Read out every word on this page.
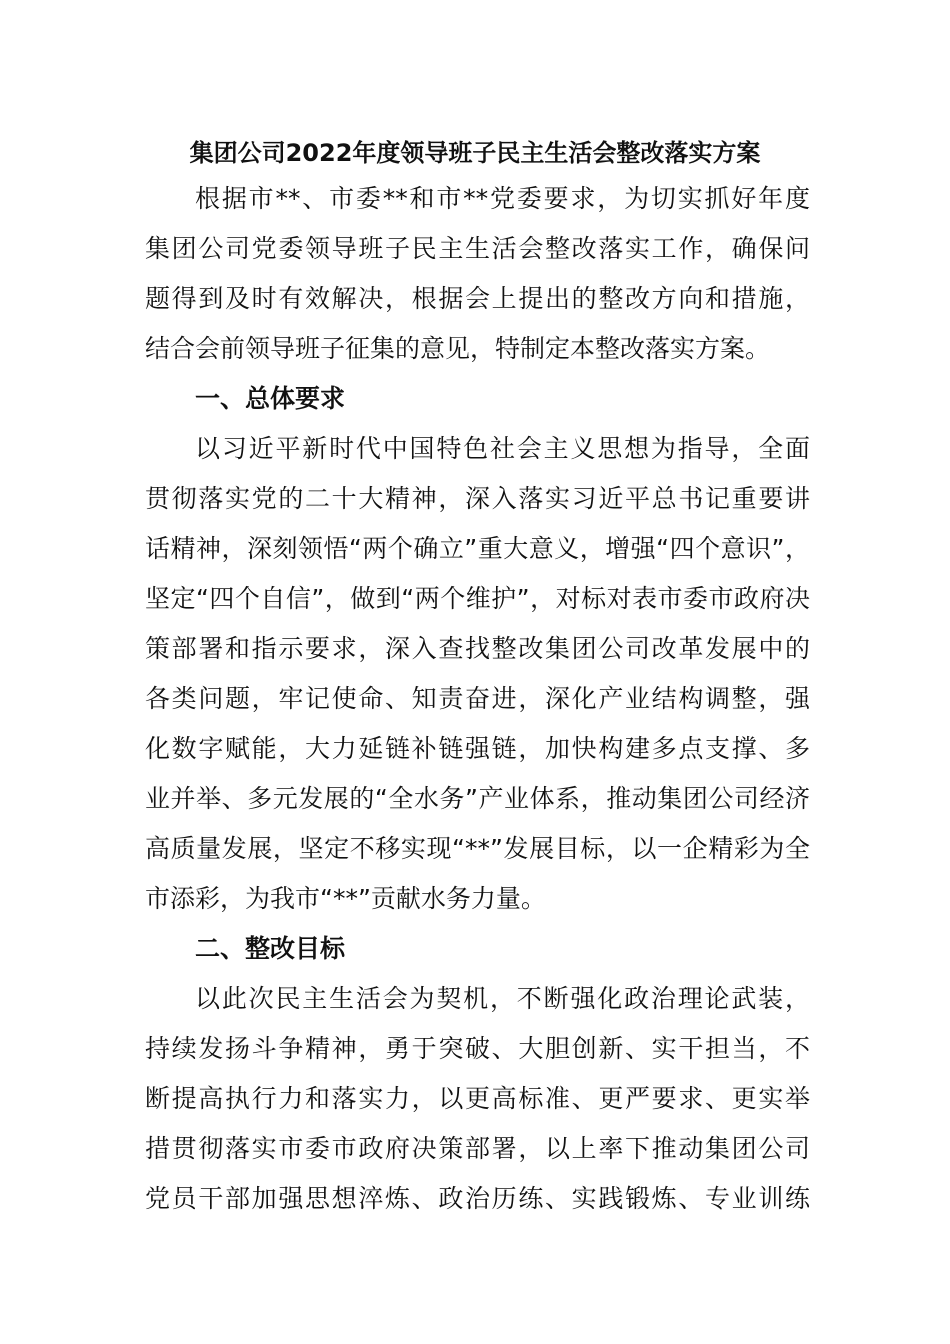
集团公司2022年度领导班子民主生活会整改落实方案
根据市**、市委**和市**党委要求，为切实抓好年度
集团公司党委领导班子民主生活会整改落实工作，确保问
题得到及时有效解决，根据会上提出的整改方向和措施，
结合会前领导班子征集的意见，特制定本整改落实方案。
一、总体要求
以习近平新时代中国特色社会主义思想为指导，全面
贯彻落实党的二十大精神，深入落实习近平总书记重要讲
话精神，深刻领悟“两个确立”重大意义，增强“四个意识”，
坚定“四个自信”，做到“两个维护”，对标对表市委市政府决
策部署和指示要求，深入查找整改集团公司改革发展中的
各类问题，牢记使命、知责奋进，深化产业结构调整，强
化数字赋能，大力延链补链强链，加快构建多点支撑、多
业并举、多元发展的“全水务”产业体系，推动集团公司经济
高质量发展，坚定不移实现“**”发展目标，以一企精彩为全
市添彩，为我市“**”贡献水务力量。
二、整改目标
以此次民主生活会为契机，不断强化政治理论武装，
持续发扬斗争精神，勇于突破、大胆创新、实干担当，不
断提高执行力和落实力，以更高标准、更严要求、更实举
措贯彻落实市委市政府决策部署，以上率下推动集团公司
党员干部加强思想淬炼、政治历练、实践锻炼、专业训练
